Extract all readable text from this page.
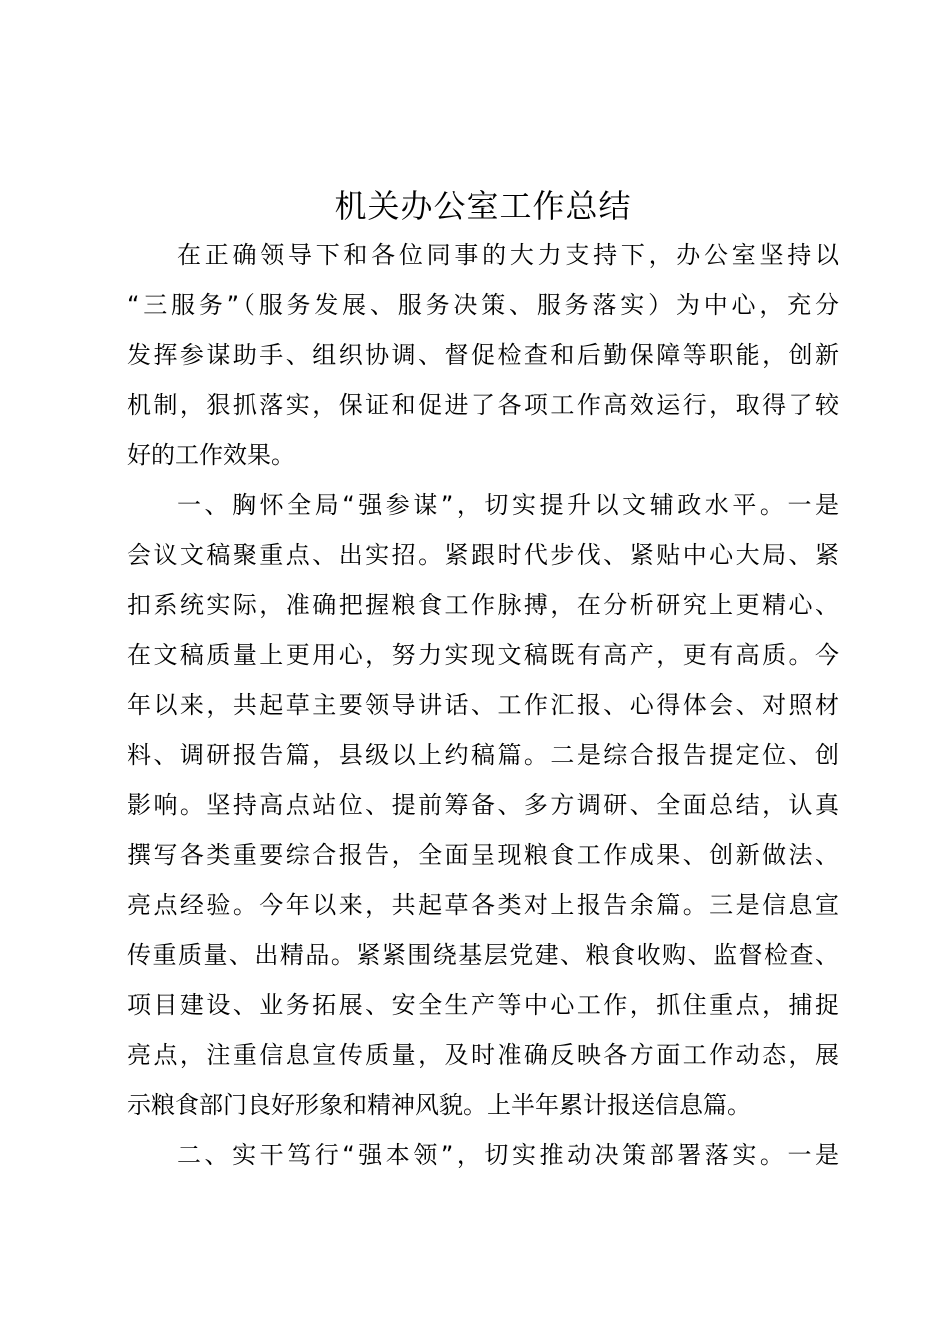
机关办公室工作总结
在正确领导下和各位同事的大力支持下，办公室坚持以
“三服务”（服务发展、服务决策、服务落实）为中心，充分
发挥参谋助手、组织协调、督促检查和后勤保障等职能，创新
机制，狠抓落实，保证和促进了各项工作高效运行，取得了较
好的工作效果。
一、胸怀全局“强参谋”，切实提升以文辅政水平。一是
会议文稿聚重点、出实招。紧跟时代步伐、紧贴中心大局、紧
扣系统实际，准确把握粮食工作脉搏，在分析研究上更精心、
在文稿质量上更用心，努力实现文稿既有高产，更有高质。今
年以来，共起草主要领导讲话、工作汇报、心得体会、对照材
料、调研报告篇，县级以上约稿篇。二是综合报告提定位、创
影响。坚持高点站位、提前筹备、多方调研、全面总结，认真
撰写各类重要综合报告，全面呈现粮食工作成果、创新做法、
亮点经验。今年以来，共起草各类对上报告余篇。三是信息宣
传重质量、出精品。紧紧围绕基层党建、粮食收购、监督检查、
项目建设、业务拓展、安全生产等中心工作，抓住重点，捕捉
亮点，注重信息宣传质量，及时准确反映各方面工作动态，展
示粮食部门良好形象和精神风貌。上半年累计报送信息篇。
二、实干笃行“强本领”，切实推动决策部署落实。一是
